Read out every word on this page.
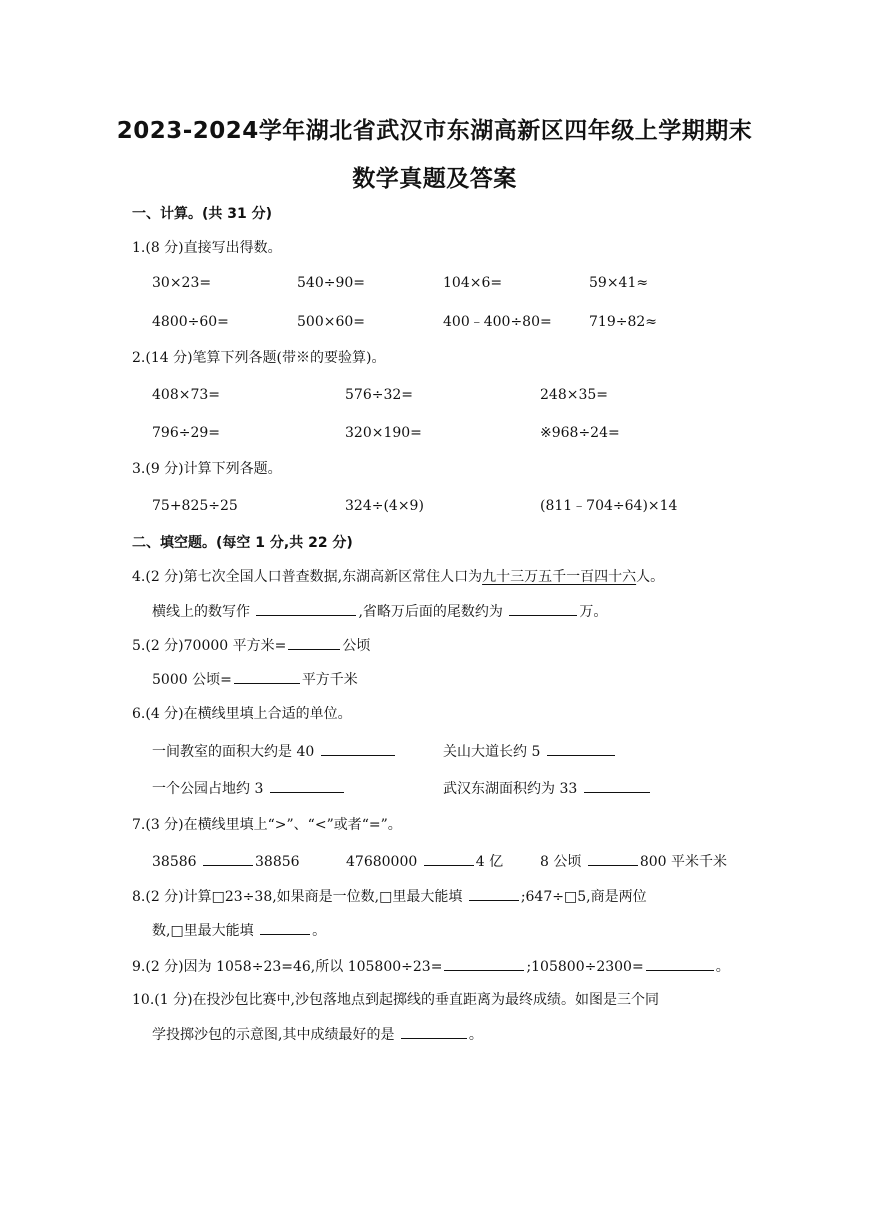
2023-2024学年湖北省武汉市东湖高新区四年级上学期期末
数学真题及答案
一、计算。(共 31 分)
1.(8 分)直接写出得数。
30×23=	540÷90=	104×6=	59×41≈
4800÷60=	500×60=	400﹣400÷80=	719÷82≈
2.(14 分)笔算下列各题(带※的要验算)。
408×73=	576÷32=	248×35=
796÷29=	320×190=	※968÷24=
3.(9 分)计算下列各题。
75+825÷25	324÷(4×9)	(811﹣704÷64)×14
二、填空题。(每空 1 分,共 22 分)
4.(2 分)第七次全国人口普查数据,东湖高新区常住人口为九十三万五千一百四十六人。
横线上的数写作	,省略万后面的尾数约为	万。
5.(2 分)70000 平方米=	公顷
5000 公顷=	平方千米
6.(4 分)在横线里填上合适的单位。
一间教室的面积大约是 40	关山大道长约 5
一个公园占地约 3	武汉东湖面积约为 33
7.(3 分)在横线里填上“>”、“<”或者“=”。
38586	38856	47680000	4 亿	8 公顷	800 平米千米
8.(2 分)计算□23÷38,如果商是一位数,□里最大能填	;647÷□5,商是两位
数,□里最大能填	。
9.(2 分)因为 1058÷23=46,所以 105800÷23=	;105800÷2300=	。
10.(1 分)在投沙包比赛中,沙包落地点到起掷线的垂直距离为最终成绩。如图是三个同
学投掷沙包的示意图,其中成绩最好的是	。
